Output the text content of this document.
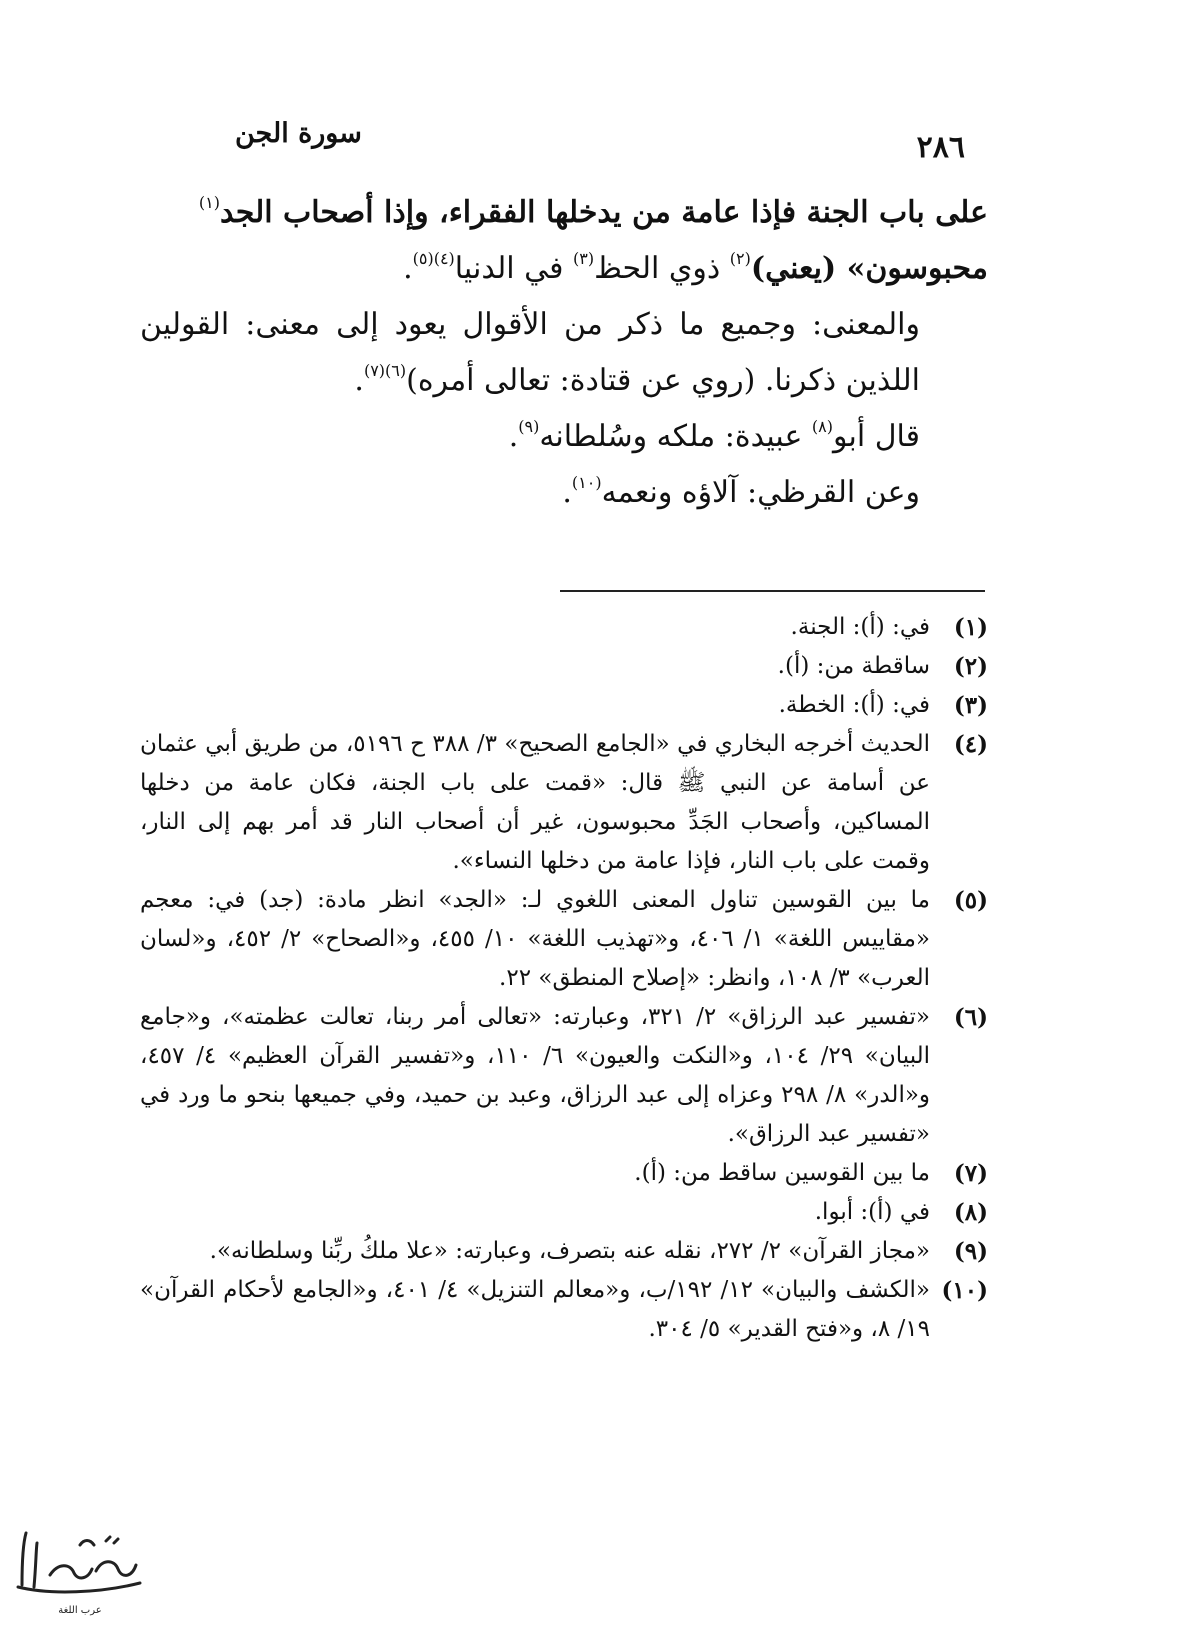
٢٨٦
سورة الجن

على باب الجنة فإذا عامة من يدخلها الفقراء، وإذا أصحاب الجد$^{(١)}$

محبوسون» (يعني)$^{(٢)}$ ذوي الحظ$^{(٣)}$ في الدنيا$^{(٤)(٥)}$.

والمعنى: وجميع ما ذكر من الأقوال يعود إلى معنى: القولين اللذين ذكرنا. (روي عن قتادة: تعالى أمره)$^{(٦)(٧)}$.

قال أبو$^{(٨)}$ عبيدة: ملكه وسُلطانه$^{(٩)}$.

وعن القرظي: آلاؤه ونعمه$^{(١٠)}$.

(١)
في: (أ): الجنة.
(٢)
ساقطة من: (أ).
(٣)
في: (أ): الخطة.
(٤)
الحديث أخرجه البخاري في «الجامع الصحيح» ٣/ ٣٨٨ ح ٥١٩٦، من طريق أبي عثمان عن أسامة عن النبي ﷺ قال: «قمت على باب الجنة، فكان عامة من دخلها المساكين، وأصحاب الجَدِّ محبوسون، غير أن أصحاب النار قد أمر بهم إلى النار، وقمت على باب النار، فإذا عامة من دخلها النساء».
(٥)
ما بين القوسين تناول المعنى اللغوي لـ: «الجد» انظر مادة: (جد) في: معجم «مقاييس اللغة» ١/ ٤٠٦، و«تهذيب اللغة» ١٠/ ٤٥٥، و«الصحاح» ٢/ ٤٥٢، و«لسان العرب» ٣/ ١٠٨، وانظر: «إصلاح المنطق» ٢٢.
(٦)
«تفسير عبد الرزاق» ٢/ ٣٢١، وعبارته: «تعالى أمر ربنا، تعالت عظمته»، و«جامع البيان» ٢٩/ ١٠٤، و«النكت والعيون» ٦/ ١١٠، و«تفسير القرآن العظيم» ٤/ ٤٥٧، و«الدر» ٨/ ٢٩٨ وعزاه إلى عبد الرزاق، وعبد بن حميد، وفي جميعها بنحو ما ورد في «تفسير عبد الرزاق».
(٧)
ما بين القوسين ساقط من: (أ).
(٨)
في (أ): أبوا.
(٩)
«مجاز القرآن» ٢/ ٢٧٢، نقله عنه بتصرف، وعبارته: «علا ملكُ ربِّنا وسلطانه».
(١٠)
«الكشف والبيان» ١٢/ ١٩٢/ب، و«معالم التنزيل» ٤/ ٤٠١، و«الجامع لأحكام القرآن» ١٩/ ٨، و«فتح القدير» ٥/ ٣٠٤.
عرب اللغة
